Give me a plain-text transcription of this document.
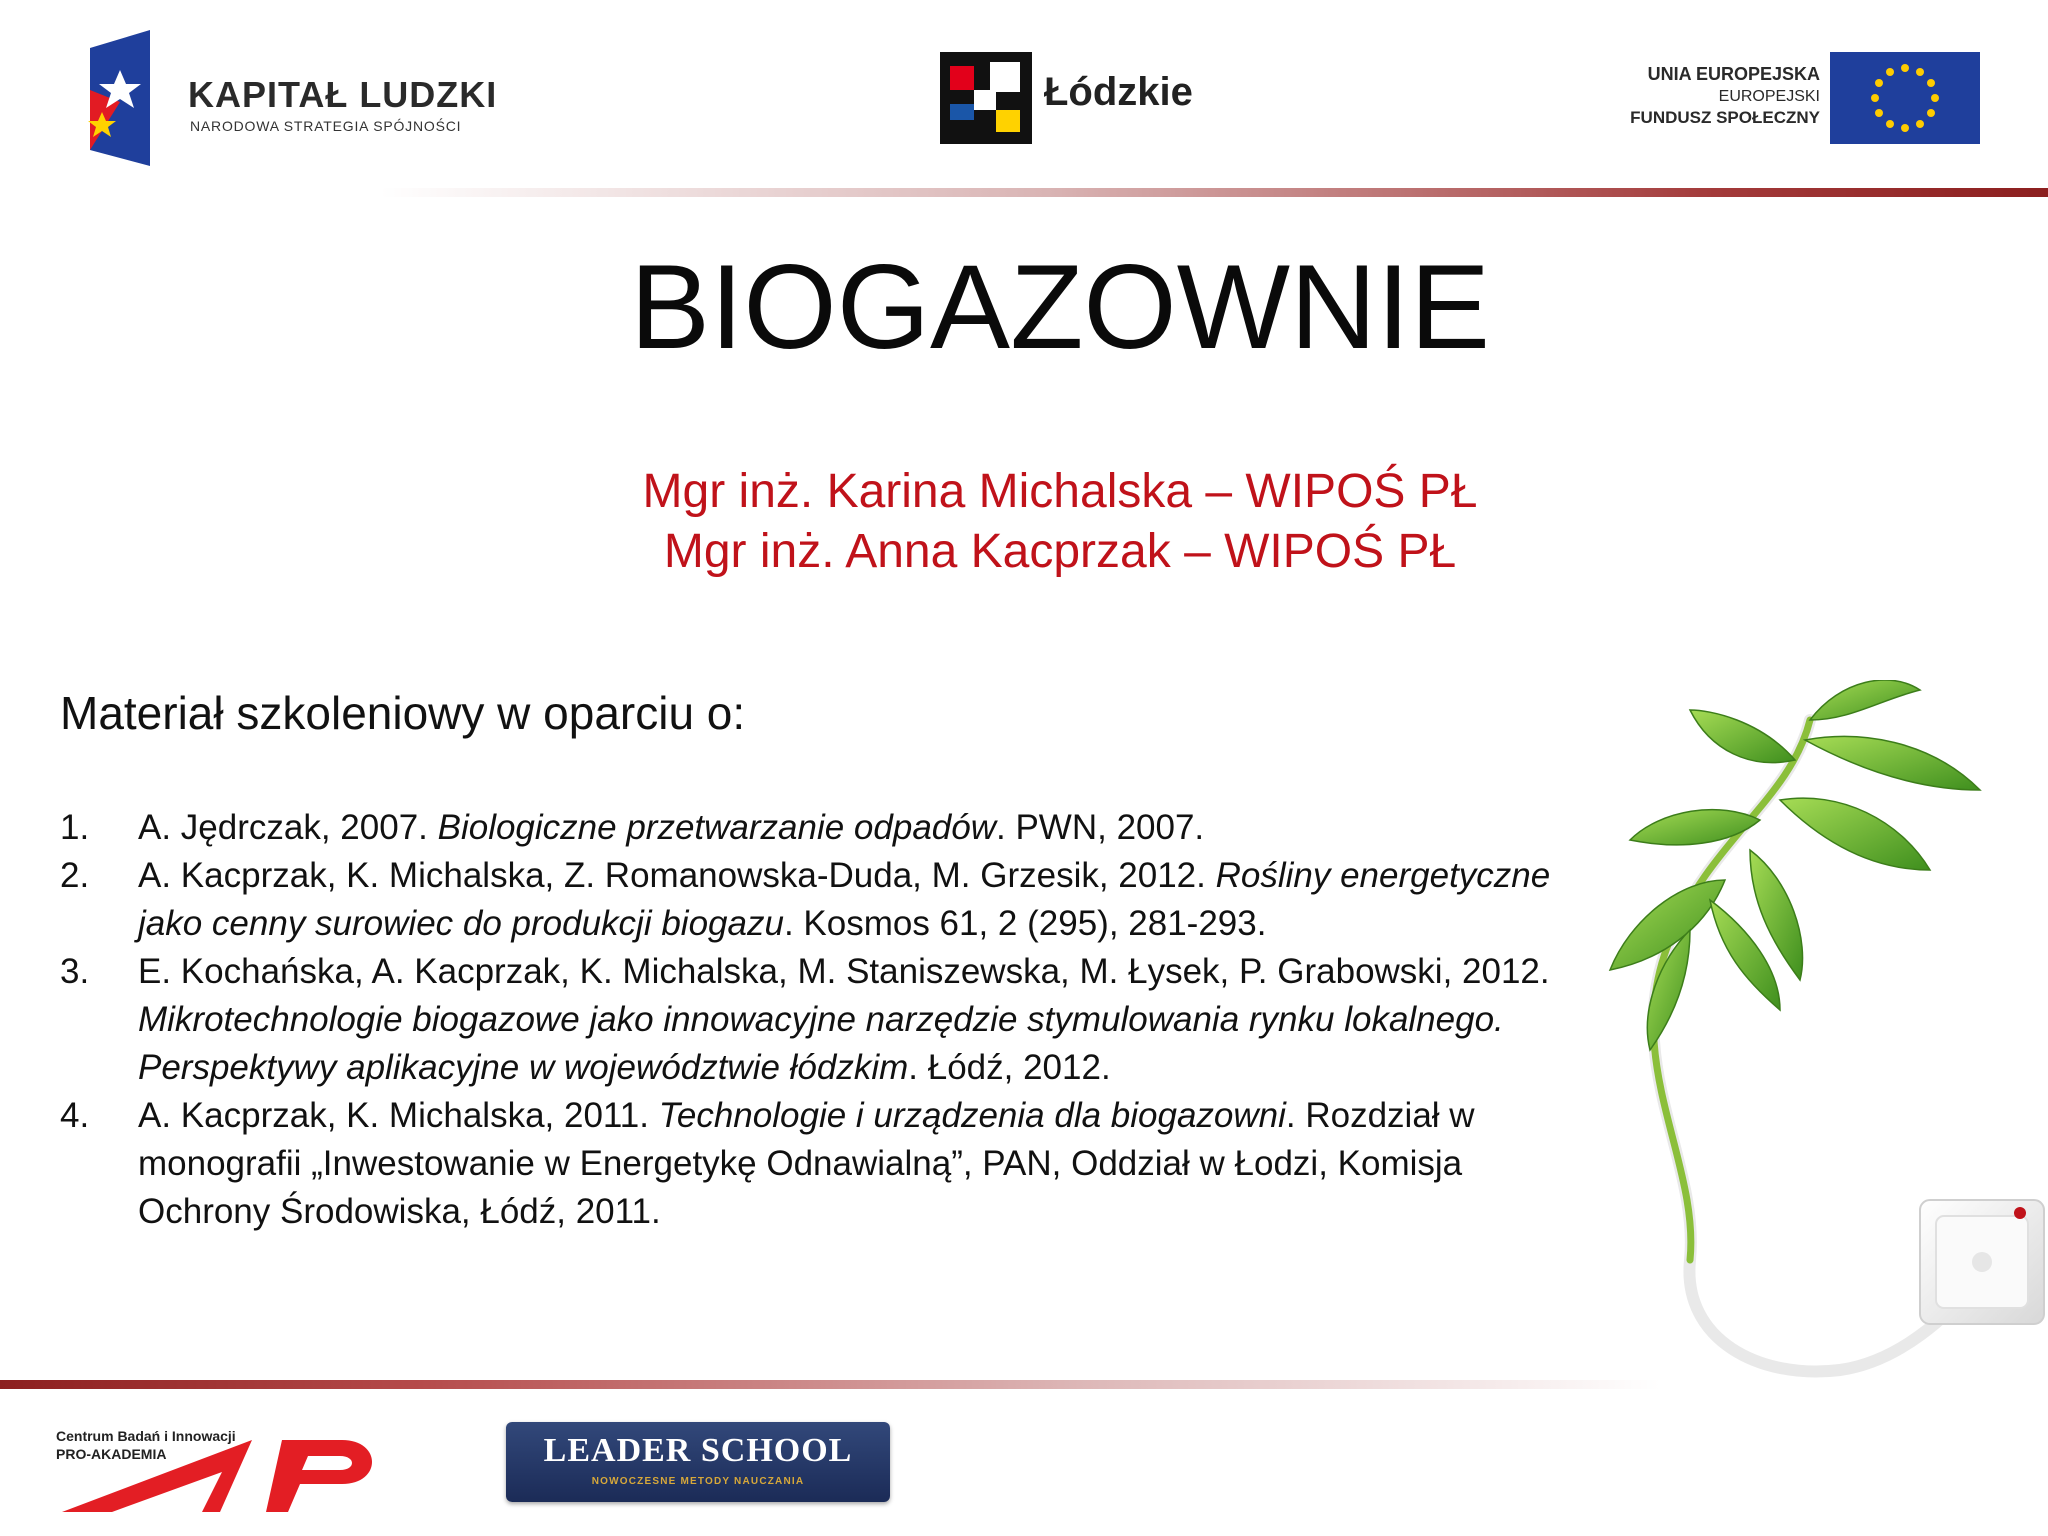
KAPITAŁ LUDZKI
NARODOWA STRATEGIA SPÓJNOŚCI
Łódzkie	UNIA EUROPEJSKA
EUROPEJSKI
FUNDUSZ SPOŁECZNY
BIOGAZOWNIE
Mgr inż. Karina Michalska – WIPOŚ PŁ
Mgr inż. Anna Kacprzak – WIPOŚ PŁ
Materiał szkoleniowy w oparciu o:
1. A. Jędrczak, 2007. Biologiczne przetwarzanie odpadów. PWN, 2007.
2. A. Kacprzak, K. Michalska, Z. Romanowska-Duda, M. Grzesik, 2012. Rośliny energetyczne jako cenny surowiec do produkcji biogazu. Kosmos 61, 2 (295), 281-293.
3. E. Kochańska, A. Kacprzak, K. Michalska, M. Staniszewska, M. Łysek, P. Grabowski, 2012. Mikrotechnologie biogazowe jako innowacyjne narzędzie stymulowania rynku lokalnego. Perspektywy aplikacyjne w województwie łódzkim. Łódź, 2012.
4. A. Kacprzak, K. Michalska, 2011. Technologie i urządzenia dla biogazowni. Rozdział w monografii „Inwestowanie w Energetykę Odnawialną”, PAN, Oddział w Łodzi, Komisja Ochrony Środowiska, Łódź, 2011.
Centrum Badań i Innowacji
PRO-AKADEMIA	LEADER SCHOOL
NOWOCZESNE METODY NAUCZANIA
